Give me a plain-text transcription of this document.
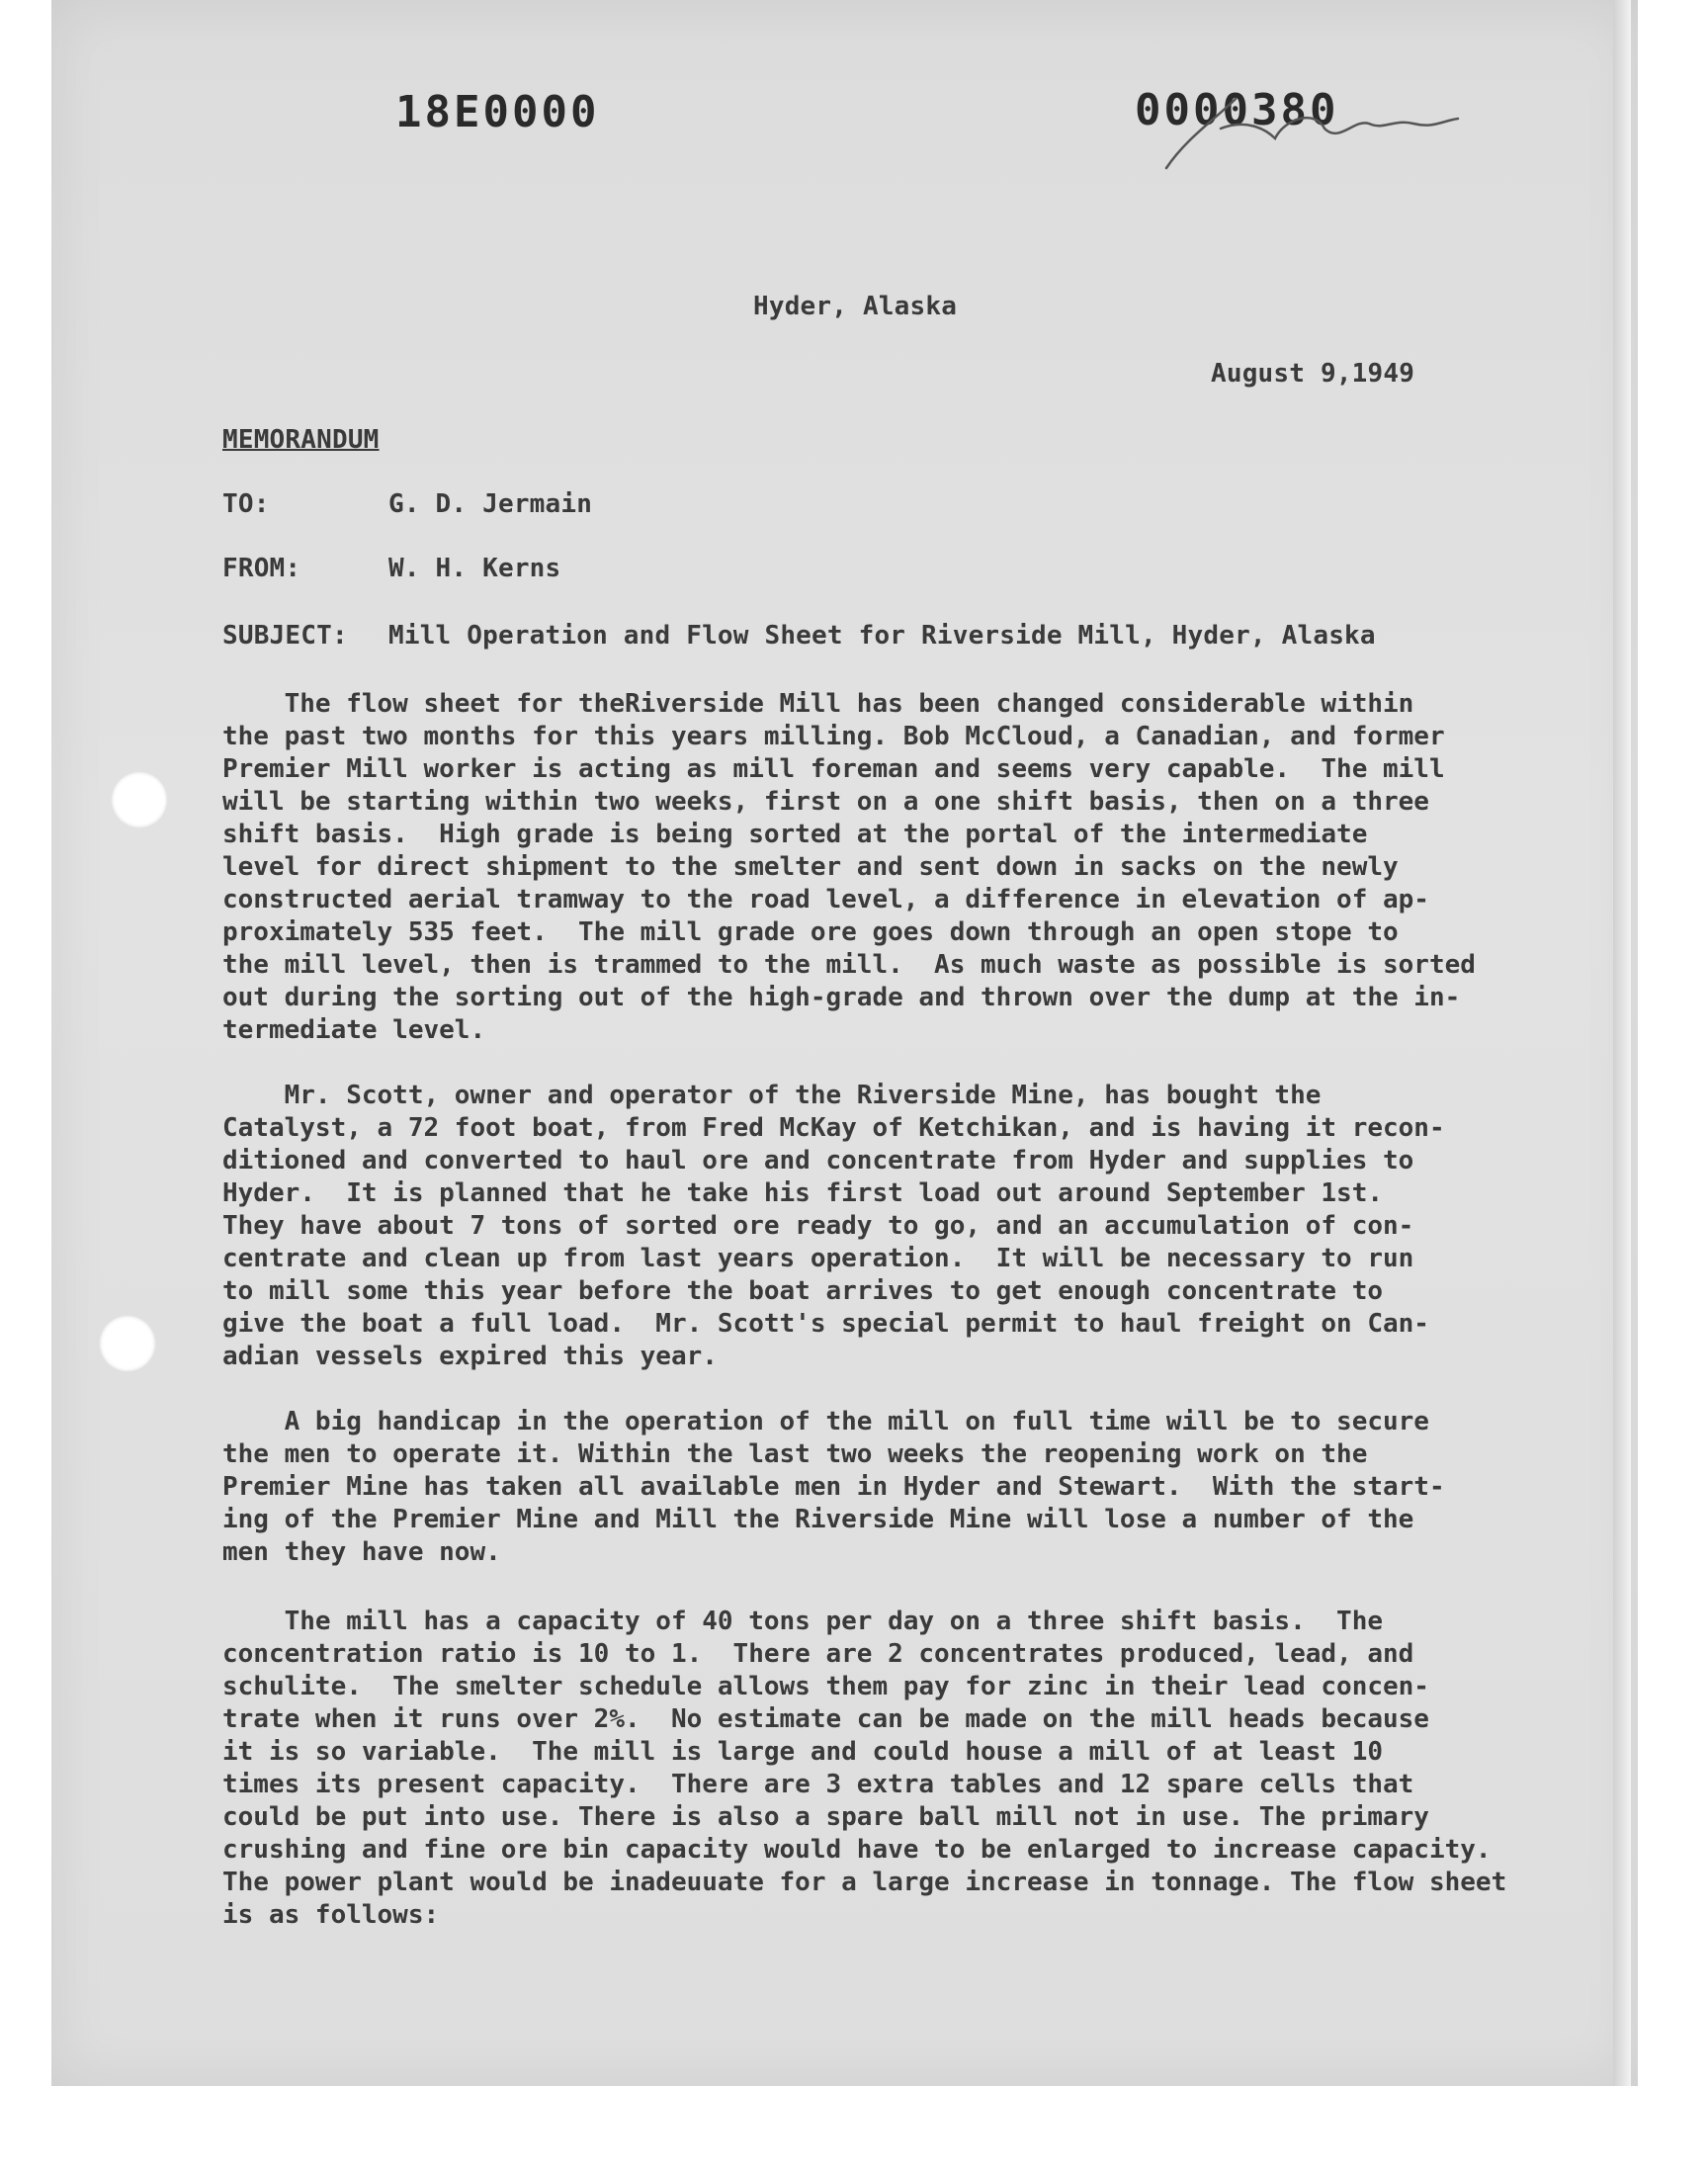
18E0000	0000380
Hyder, Alaska
August 9,1949
MEMORANDUM
TO:	G. D. Jermain
FROM:	W. H. Kerns
SUBJECT: Mill Operation and Flow Sheet for Riverside Mill, Hyder, Alaska
The flow sheet for theRiverside Mill has been changed considerable within
the past two months for this years milling. Bob McCloud, a Canadian, and former
Premier Mill worker is acting as mill foreman and seems very capable.  The mill
will be starting within two weeks, first on a one shift basis, then on a three
shift basis.  High grade is being sorted at the portal of the intermediate
level for direct shipment to the smelter and sent down in sacks on the newly
constructed aerial tramway to the road level, a difference in elevation of ap-
proximately 535 feet.  The mill grade ore goes down through an open stope to
the mill level, then is trammed to the mill.  As much waste as possible is sorted
out during the sorting out of the high-grade and thrown over the dump at the in-
termediate level.
Mr. Scott, owner and operator of the Riverside Mine, has bought the
Catalyst, a 72 foot boat, from Fred McKay of Ketchikan, and is having it recon-
ditioned and converted to haul ore and concentrate from Hyder and supplies to
Hyder.  It is planned that he take his first load out around September 1st.
They have about 7 tons of sorted ore ready to go, and an accumulation of con-
centrate and clean up from last years operation.  It will be necessary to run
to mill some this year before the boat arrives to get enough concentrate to
give the boat a full load.  Mr. Scott's special permit to haul freight on Can-
adian vessels expired this year.
A big handicap in the operation of the mill on full time will be to secure
the men to operate it. Within the last two weeks the reopening work on the
Premier Mine has taken all available men in Hyder and Stewart.  With the start-
ing of the Premier Mine and Mill the Riverside Mine will lose a number of the
men they have now.
The mill has a capacity of 40 tons per day on a three shift basis.  The
concentration ratio is 10 to 1.  There are 2 concentrates produced, lead, and
schulite.  The smelter schedule allows them pay for zinc in their lead concen-
trate when it runs over 2%.  No estimate can be made on the mill heads because
it is so variable.  The mill is large and could house a mill of at least 10
times its present capacity.  There are 3 extra tables and 12 spare cells that
could be put into use. There is also a spare ball mill not in use. The primary
crushing and fine ore bin capacity would have to be enlarged to increase capacity.
The power plant would be inadeuuate for a large increase in tonnage. The flow sheet
is as follows:
